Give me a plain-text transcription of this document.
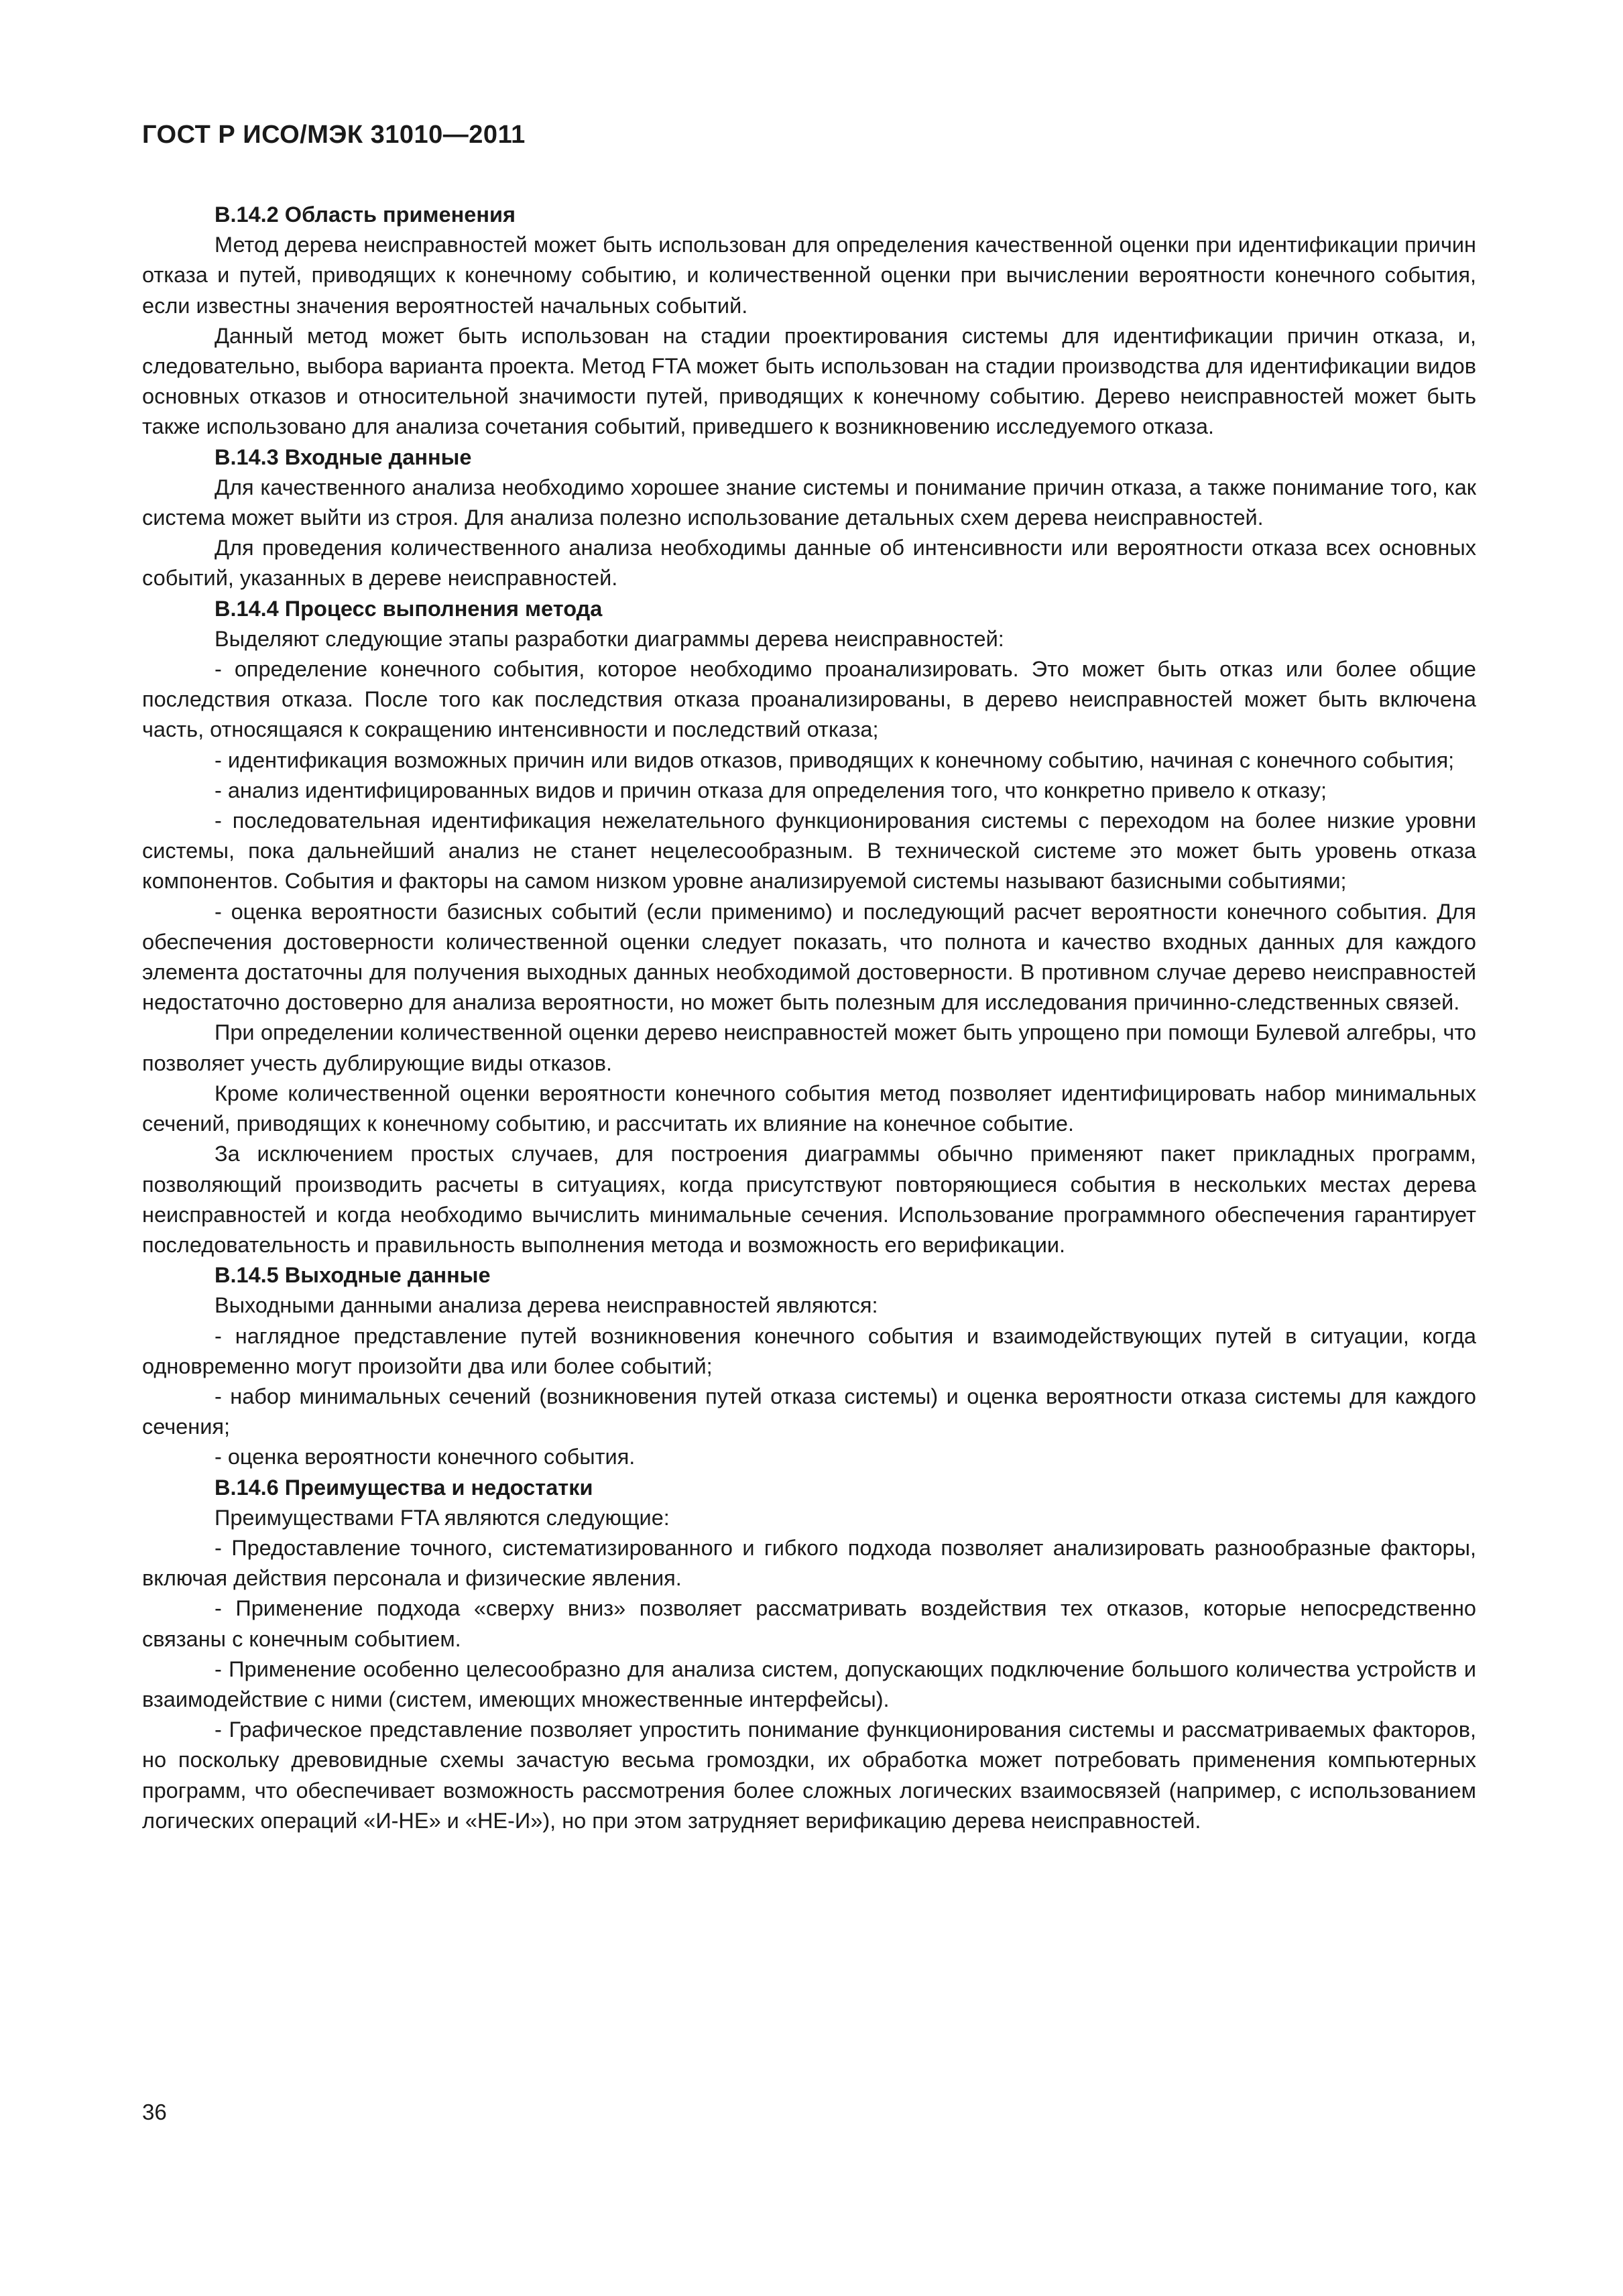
ГОСТ Р ИСО/МЭК 31010—2011
В.14.2 Область применения

Метод дерева неисправностей может быть использован для определения качественной оценки при идентификации причин отказа и путей, приводящих к конечному событию, и количественной оценки при вычислении вероятности конечного события, если известны значения вероятностей начальных событий.

Данный метод может быть использован на стадии проектирования системы для идентификации причин отказа, и, следовательно, выбора варианта проекта. Метод FTA может быть использован на стадии производства для идентификации видов основных отказов и относительной значимости путей, приводящих к конечному событию. Дерево неисправностей может быть также использовано для анализа сочетания событий, приведшего к возникновению исследуемого отказа.

В.14.3 Входные данные

Для качественного анализа необходимо хорошее знание системы и понимание причин отказа, а также понимание того, как система может выйти из строя. Для анализа полезно использование детальных схем дерева неисправностей.

Для проведения количественного анализа необходимы данные об интенсивности или вероятности отказа всех основных событий, указанных в дереве неисправностей.

В.14.4 Процесс выполнения метода

Выделяют следующие этапы разработки диаграммы дерева неисправностей:

- определение конечного события, которое необходимо проанализировать. Это может быть отказ или более общие последствия отказа. После того как последствия отказа проанализированы, в дерево неисправностей может быть включена часть, относящаяся к сокращению интенсивности и последствий отказа;

- идентификация возможных причин или видов отказов, приводящих к конечному событию, начиная с конечного события;

- анализ идентифицированных видов и причин отказа для определения того, что конкретно привело к отказу;

- последовательная идентификация нежелательного функционирования системы с переходом на более низкие уровни системы, пока дальнейший анализ не станет нецелесообразным. В технической системе это может быть уровень отказа компонентов. События и факторы на самом низком уровне анализируемой системы называют базисными событиями;

- оценка вероятности базисных событий (если применимо) и последующий расчет вероятности конечного события. Для обеспечения достоверности количественной оценки следует показать, что полнота и качество входных данных для каждого элемента достаточны для получения выходных данных необходимой достоверности. В противном случае дерево неисправностей недостаточно достоверно для анализа вероятности, но может быть полезным для исследования причинно-следственных связей.

При определении количественной оценки дерево неисправностей может быть упрощено при помощи Булевой алгебры, что позволяет учесть дублирующие виды отказов.

Кроме количественной оценки вероятности конечного события метод позволяет идентифицировать набор минимальных сечений, приводящих к конечному событию, и рассчитать их влияние на конечное событие.

За исключением простых случаев, для построения диаграммы обычно применяют пакет прикладных программ, позволяющий производить расчеты в ситуациях, когда присутствуют повторяющиеся события в нескольких местах дерева неисправностей и когда необходимо вычислить минимальные сечения. Использование программного обеспечения гарантирует последовательность и правильность выполнения метода и возможность его верификации.

В.14.5 Выходные данные

Выходными данными анализа дерева неисправностей являются:

- наглядное представление путей возникновения конечного события и взаимодействующих путей в ситуации, когда одновременно могут произойти два или более событий;

- набор минимальных сечений (возникновения путей отказа системы) и оценка вероятности отказа системы для каждого сечения;

- оценка вероятности конечного события.

В.14.6 Преимущества и недостатки

Преимуществами FTA являются следующие:

- Предоставление точного, систематизированного и гибкого подхода позволяет анализировать разнообразные факторы, включая действия персонала и физические явления.

- Применение подхода «сверху вниз» позволяет рассматривать воздействия тех отказов, которые непосредственно связаны с конечным событием.

- Применение особенно целесообразно для анализа систем, допускающих подключение большого количества устройств и взаимодействие с ними (систем, имеющих множественные интерфейсы).

- Графическое представление позволяет упростить понимание функционирования системы и рассматриваемых факторов, но поскольку древовидные схемы зачастую весьма громоздки, их обработка может потребовать применения компьютерных программ, что обеспечивает возможность рассмотрения более сложных логических взаимосвязей (например, с использованием логических операций «И-НЕ» и «НЕ-И»), но при этом затрудняет верификацию дерева неисправностей.

36
